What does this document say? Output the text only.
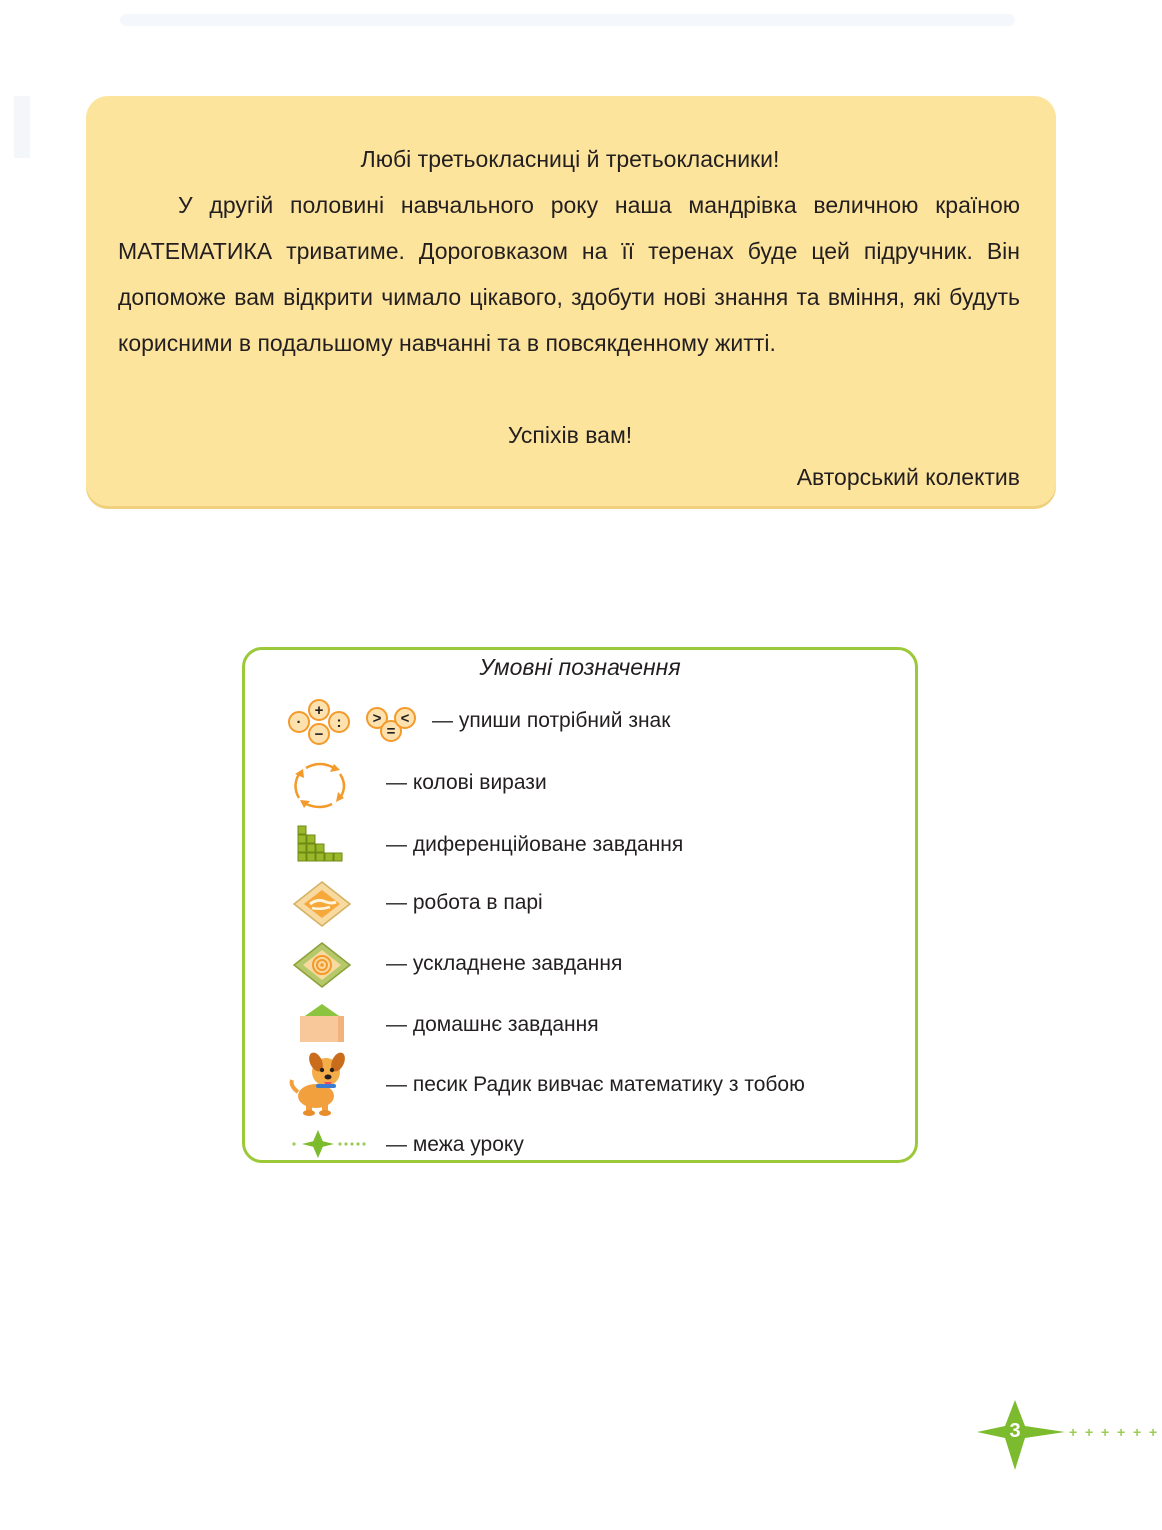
Любі третьокласниці й третьокласники!
У другій половині навчального року наша мандрівка величною країною МАТЕМАТИКА триватиме. Дороговказом на її теренах буде цей підручник. Він допоможе вам відкрити чимало цікавого, здобути нові знання та вміння, які будуть корисними в подальшому навчанні та в повсякденному житті.
Успіхів вам!
Авторський колектив
Умовні позначення
+
· :
−
>
=
< — упиши потрібний знак
— колові вирази
— диференційоване завдання
— робота в парі
— ускладнене завдання
— домашнє завдання
— песик Радик вивчає математику з тобою
— межа уроку
+ + + + + +
3
